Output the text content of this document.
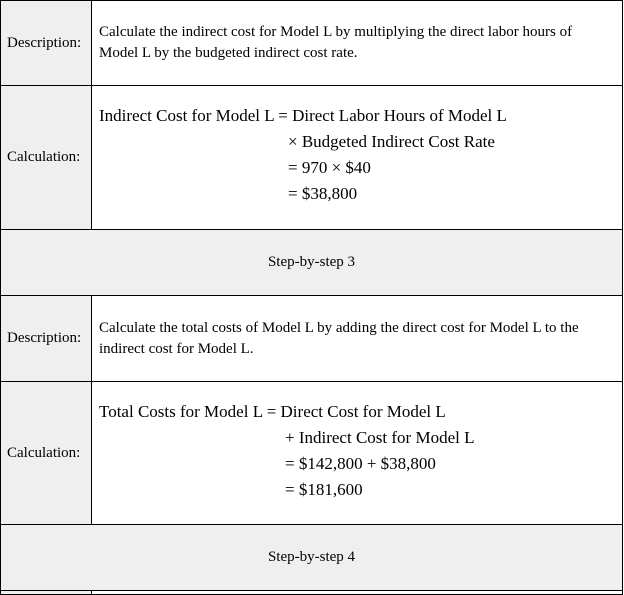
Description:	Calculate the indirect cost for Model L by multiplying the direct labor hours of Model L by the budgeted indirect cost rate.
Calculation:	Indirect Cost for Model L = Direct Labor Hours of Model L
× Budgeted Indirect Cost Rate
= 970 × $40
= $38,800

Step-by-step 3	
Description:	Calculate the total costs of Model L by adding the direct cost for Model L to the indirect cost for Model L.
Calculation:	Total Costs for Model L = Direct Cost for Model L
+ Indirect Cost for Model L
= $142,800 + $38,800
= $181,600

Step-by-step 4	
